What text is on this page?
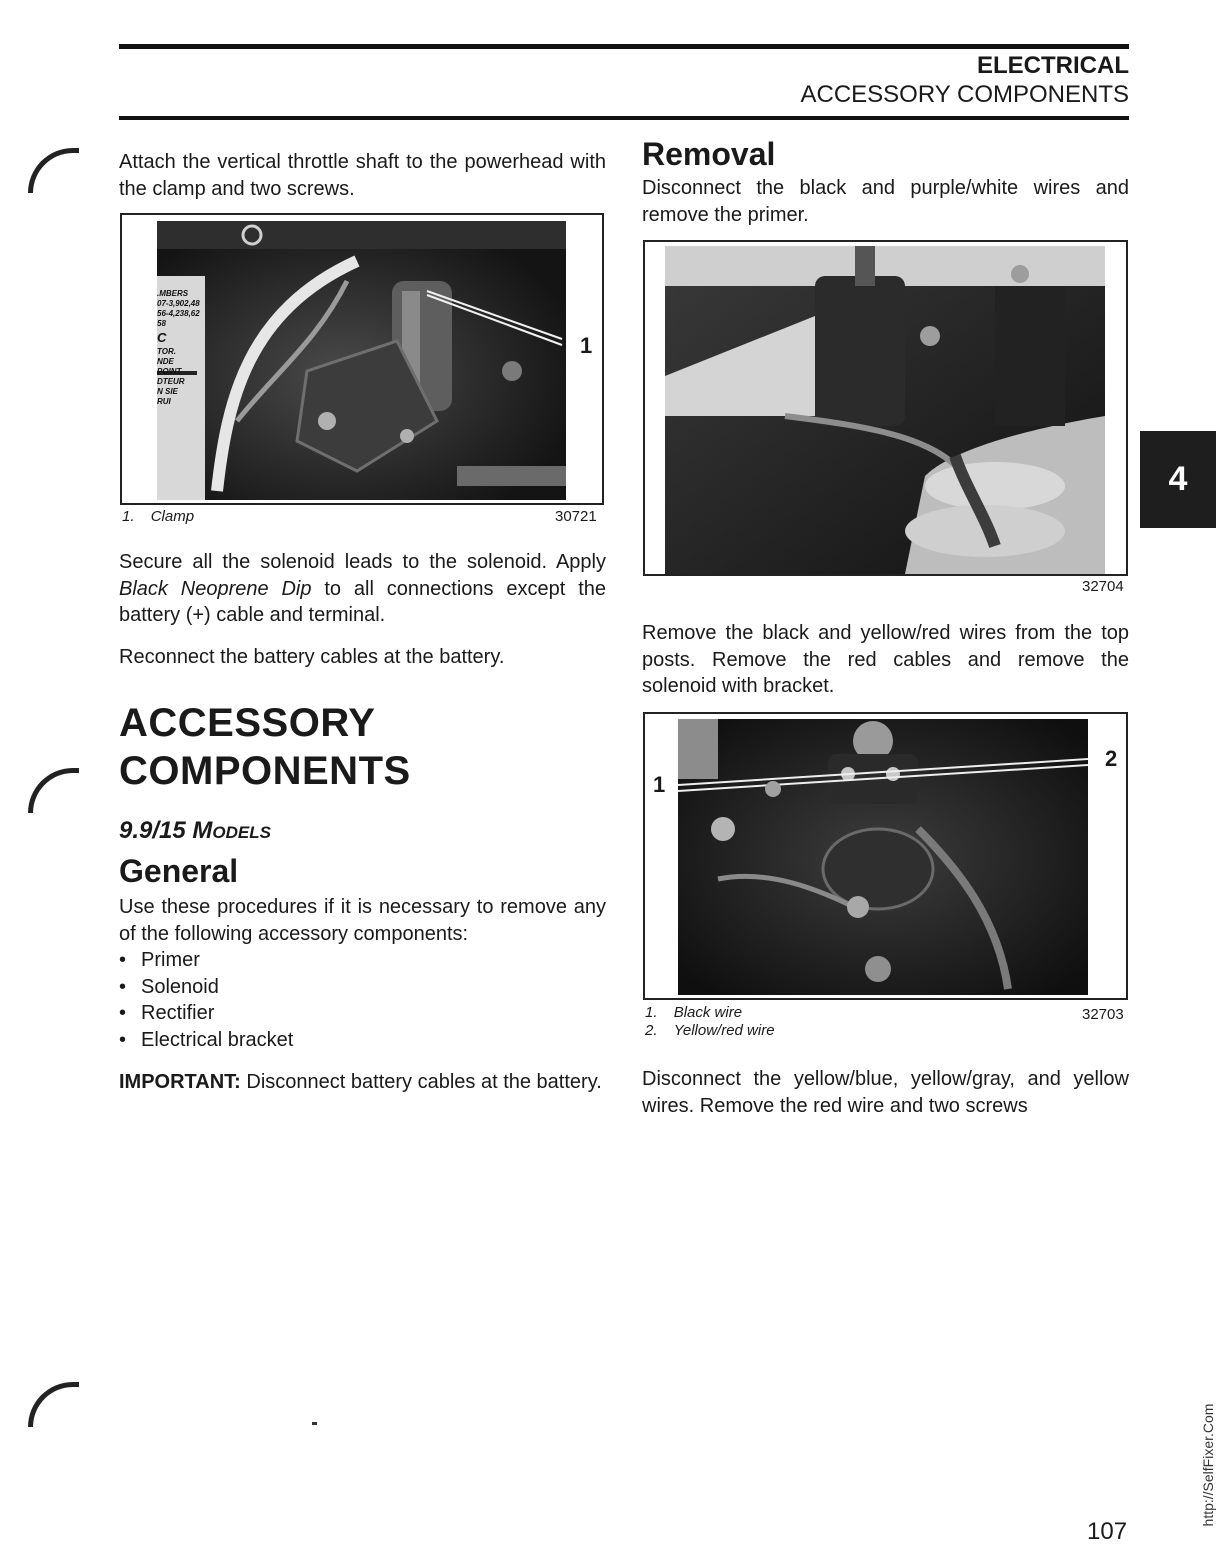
ELECTRICAL
ACCESSORY COMPONENTS

Attach the vertical throttle shaft to the powerhead with the clamp and two screws.

.MBERS
07-3,902,48
56-4,238,62
58
C
TOR.
NDE
POINT
DTEUR
N SIE
RUI
1
1. Clamp	30721

Secure all the solenoid leads to the solenoid. Apply Black Neoprene Dip to all connections except the battery (+) cable and terminal.

Reconnect the battery cables at the battery.

ACCESSORY
COMPONENTS
9.9/15 Models
General

Use these procedures if it is necessary to remove any of the following accessory components:

• Primer
• Solenoid
• Rectifier
• Electrical bracket

IMPORTANT: Disconnect battery cables at the battery.

Removal

Disconnect the black and purple/white wires and remove the primer.

32704

Remove the black and yellow/red wires from the top posts. Remove the red cables and remove the solenoid with bracket.

1
2
1. Black wire
2. Yellow/red wire
32703

Disconnect the yellow/blue, yellow/gray, and yellow wires. Remove the red wire and two screws

4
107
http://SelfFixer.Com
